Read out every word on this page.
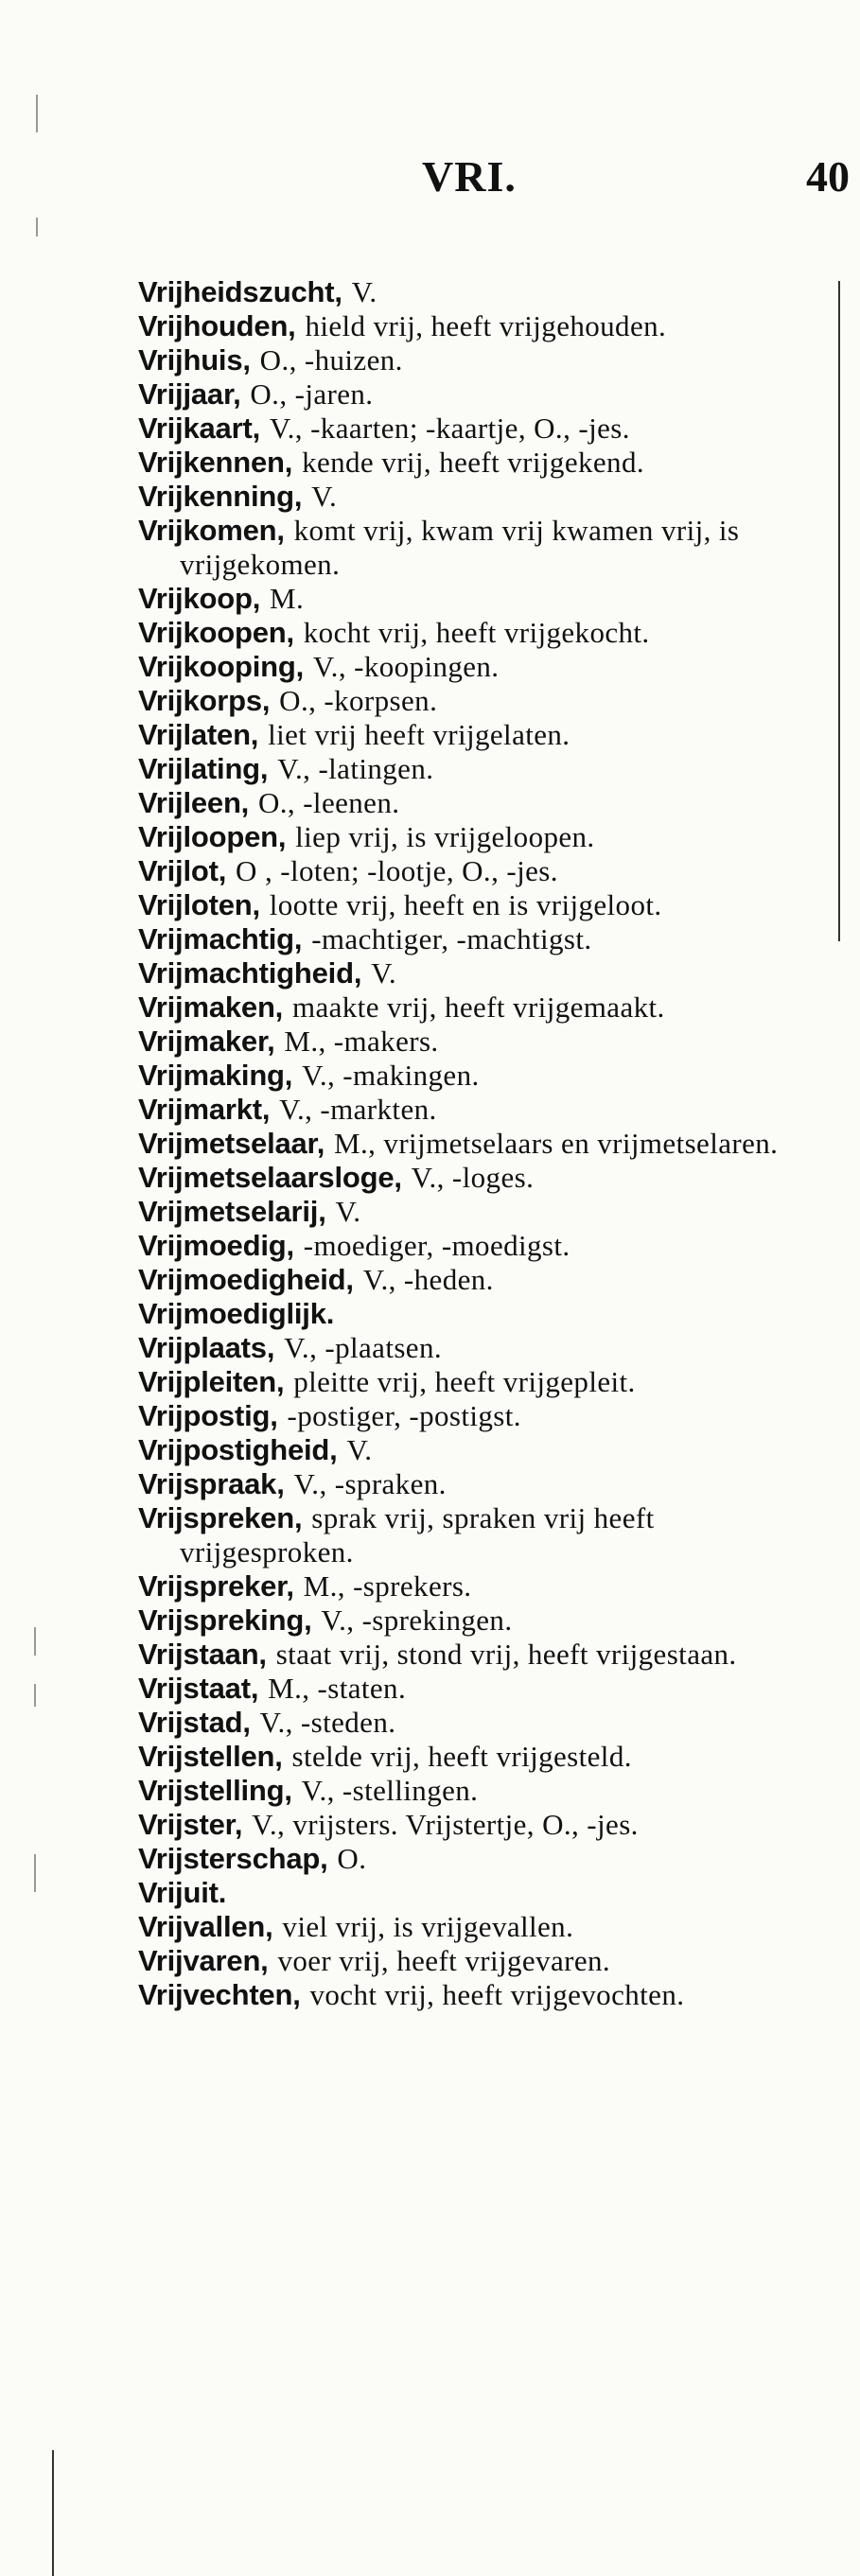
VRI.	40
Vrijheidszucht, V.
Vrijhouden, hield vrij, heeft vrijgehouden.
Vrijhuis, O., -huizen.
Vrijjaar, O., -jaren.
Vrijkaart, V., -kaarten; -kaartje, O., -jes.
Vrijkennen, kende vrij, heeft vrijgekend.
Vrijkenning, V.
Vrijkomen, komt vrij, kwam vrij kwamen vrij, is vrijgekomen.
Vrijkoop, M.
Vrijkoopen, kocht vrij, heeft vrijgekocht.
Vrijkooping, V., -koopingen.
Vrijkorps, O., -korpsen.
Vrijlaten, liet vrij heeft vrijgelaten.
Vrijlating, V., -latingen.
Vrijleen, O., -leenen.
Vrijloopen, liep vrij, is vrijgeloopen.
Vrijlot, O , -loten; -lootje, O., -jes.
Vrijloten, lootte vrij, heeft en is vrijgeloot.
Vrijmachtig, -machtiger, -machtigst.
Vrijmachtigheid, V.
Vrijmaken, maakte vrij, heeft vrijgemaakt.
Vrijmaker, M., -makers.
Vrijmaking, V., -makingen.
Vrijmarkt, V., -markten.
Vrijmetselaar, M., vrijmetselaars en vrijmetselaren.
Vrijmetselaarsloge, V., -loges.
Vrijmetselarij, V.
Vrijmoedig, -moediger, -moedigst.
Vrijmoedigheid, V., -heden.
Vrijmoediglijk.
Vrijplaats, V., -plaatsen.
Vrijpleiten, pleitte vrij, heeft vrijgepleit.
Vrijpostig, -postiger, -postigst.
Vrijpostigheid, V.
Vrijspraak, V., -spraken.
Vrijspreken, sprak vrij, spraken vrij heeft vrijgesproken.
Vrijspreker, M., -sprekers.
Vrijspreking, V., -sprekingen.
Vrijstaan, staat vrij, stond vrij, heeft vrijgestaan.
Vrijstaat, M., -staten.
Vrijstad, V., -steden.
Vrijstellen, stelde vrij, heeft vrijgesteld.
Vrijstelling, V., -stellingen.
Vrijster, V., vrijsters. Vrijstertje, O., -jes.
Vrijsterschap, O.
Vrijuit.
Vrijvallen, viel vrij, is vrijgevallen.
Vrijvaren, voer vrij, heeft vrijgevaren.
Vrijvechten, vocht vrij, heeft vrijgevochten.
